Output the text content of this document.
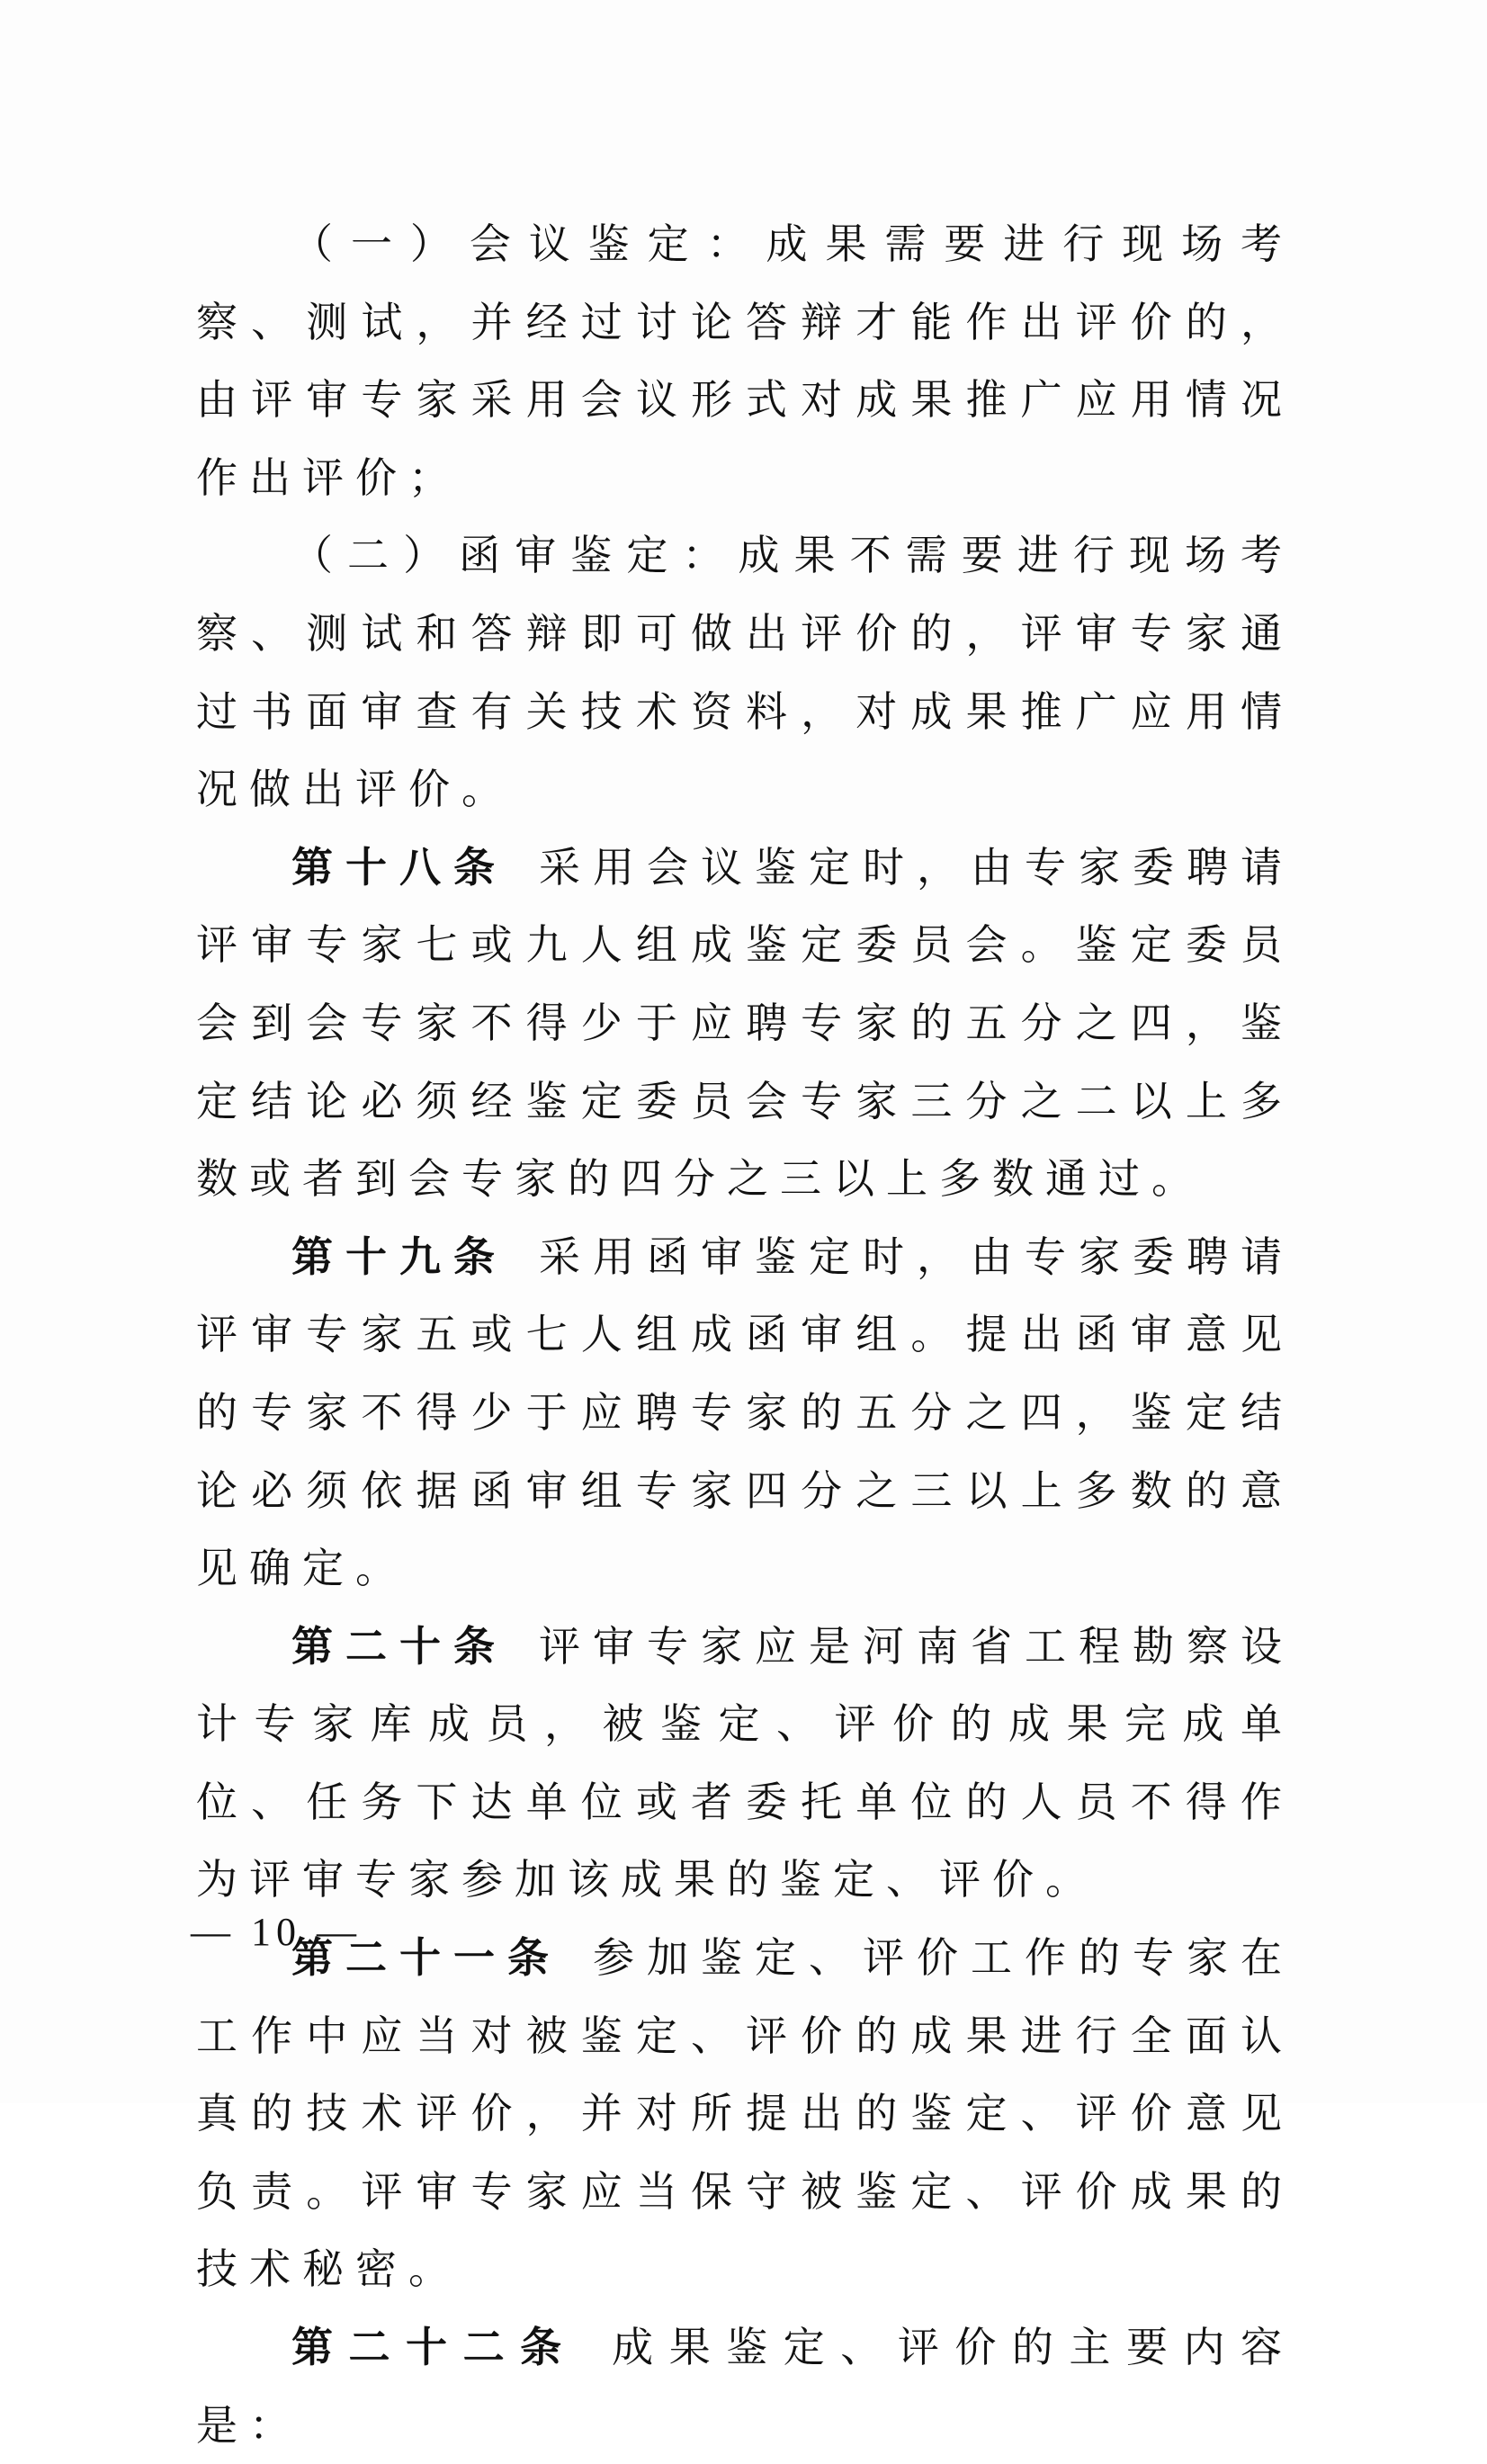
（一）会议鉴定：成果需要进行现场考察、测试，并经过讨论答辩才能作出评价的，由评审专家采用会议形式对成果推广应用情况作出评价；

（二）函审鉴定：成果不需要进行现场考察、测试和答辩即可做出评价的，评审专家通过书面审查有关技术资料，对成果推广应用情况做出评价。

第十八条 采用会议鉴定时，由专家委聘请评审专家七或九人组成鉴定委员会。鉴定委员会到会专家不得少于应聘专家的五分之四，鉴定结论必须经鉴定委员会专家三分之二以上多数或者到会专家的四分之三以上多数通过。

第十九条 采用函审鉴定时，由专家委聘请评审专家五或七人组成函审组。提出函审意见的专家不得少于应聘专家的五分之四，鉴定结论必须依据函审组专家四分之三以上多数的意见确定。

第二十条 评审专家应是河南省工程勘察设计专家库成员，被鉴定、评价的成果完成单位、任务下达单位或者委托单位的人员不得作为评审专家参加该成果的鉴定、评价。

第二十一条 参加鉴定、评价工作的专家在工作中应当对被鉴定、评价的成果进行全面认真的技术评价，并对所提出的鉴定、评价意见负责。评审专家应当保守被鉴定、评价成果的技术秘密。

第二十二条 成果鉴定、评价的主要内容是：

— 10 —
